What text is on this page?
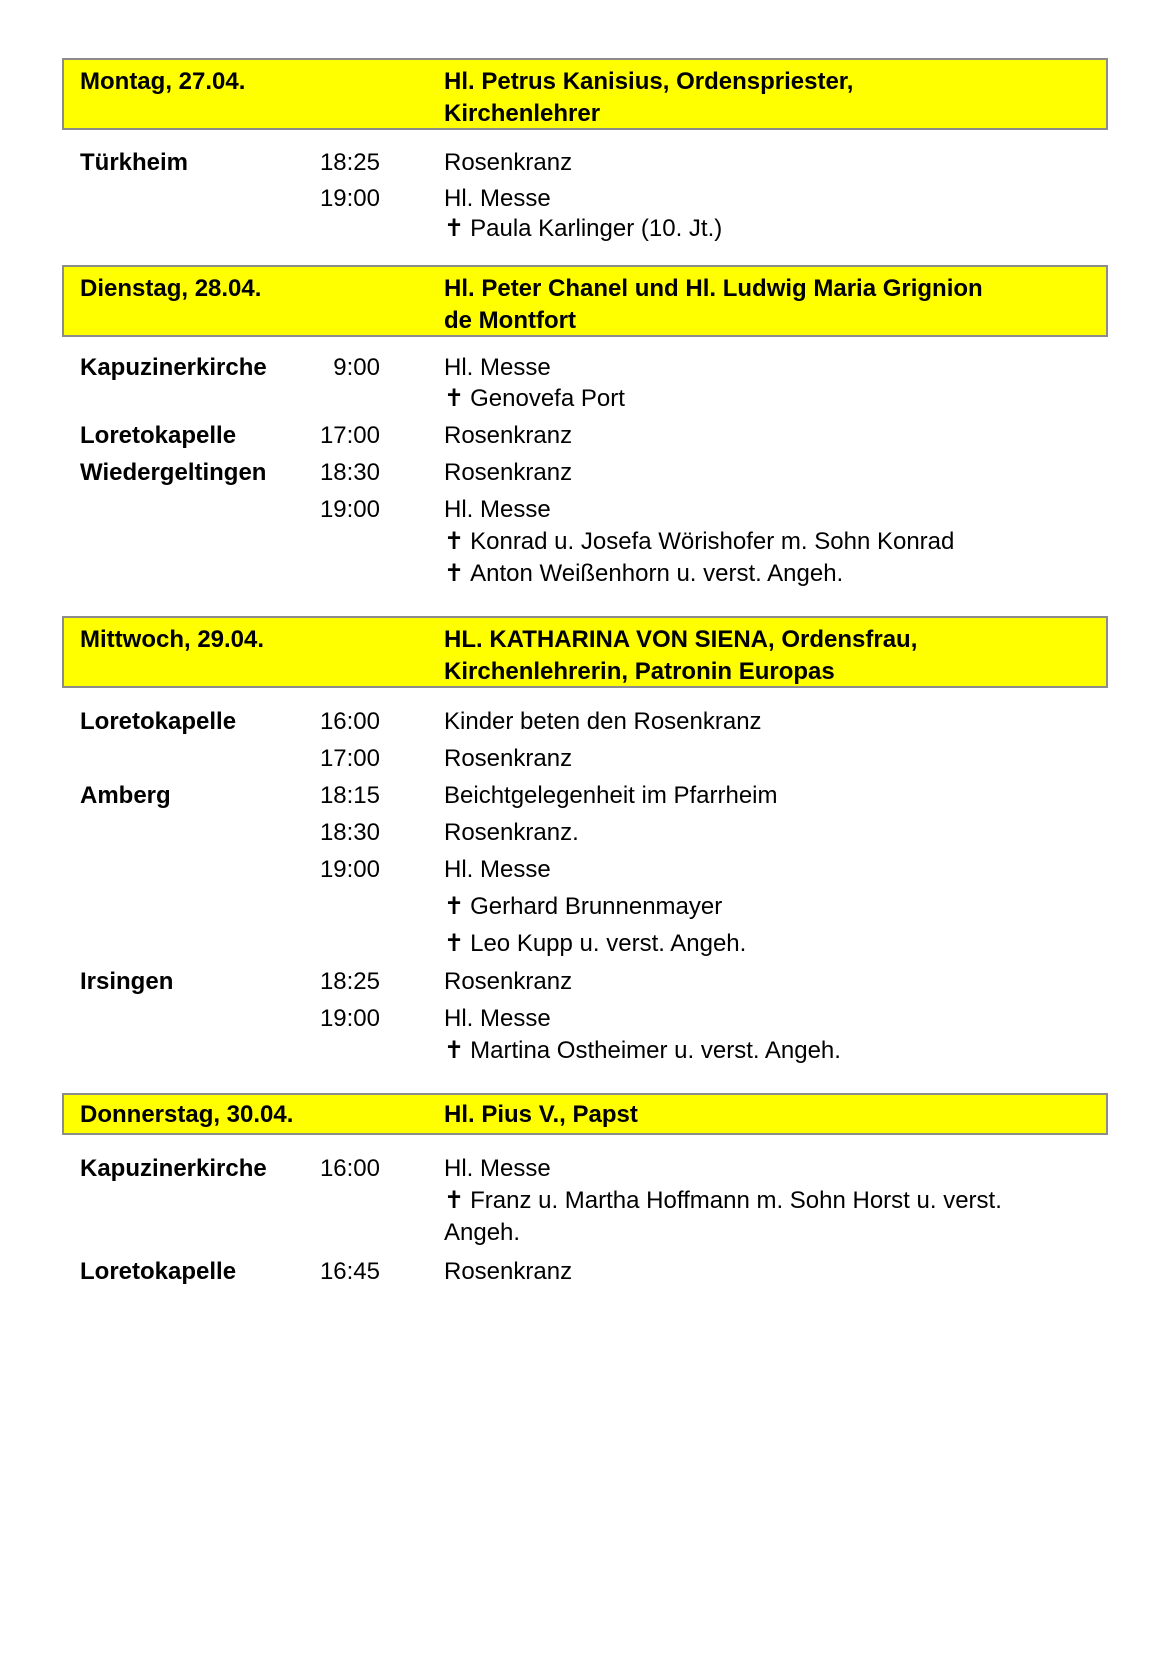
Montag, 27.04.	Hl. Petrus Kanisius, Ordenspriester,
Kirchenlehrer
Türkheim	18:25	Rosenkranz
19:00	Hl. Messe
✝ Paula Karlinger (10. Jt.)
Dienstag, 28.04.	Hl. Peter Chanel und Hl. Ludwig Maria Grignion
de Montfort
Kapuzinerkirche	9:00	Hl. Messe
✝ Genovefa Port
Loretokapelle	17:00	Rosenkranz
Wiedergeltingen	18:30	Rosenkranz
19:00	Hl. Messe
✝ Konrad u. Josefa Wörishofer m. Sohn Konrad
✝ Anton Weißenhorn u. verst. Angeh.
Mittwoch, 29.04.	HL. KATHARINA VON SIENA, Ordensfrau,
Kirchenlehrerin, Patronin Europas
Loretokapelle	16:00	Kinder beten den Rosenkranz
17:00	Rosenkranz
Amberg	18:15	Beichtgelegenheit im Pfarrheim
18:30	Rosenkranz.
19:00	Hl. Messe
✝ Gerhard Brunnenmayer
✝ Leo Kupp u. verst. Angeh.
Irsingen	18:25	Rosenkranz
19:00	Hl. Messe
✝ Martina Ostheimer u. verst. Angeh.
Donnerstag, 30.04.	Hl. Pius V., Papst
Kapuzinerkirche	16:00	Hl. Messe
✝ Franz u. Martha Hoffmann m. Sohn Horst u. verst.
Angeh.
Loretokapelle	16:45	Rosenkranz
